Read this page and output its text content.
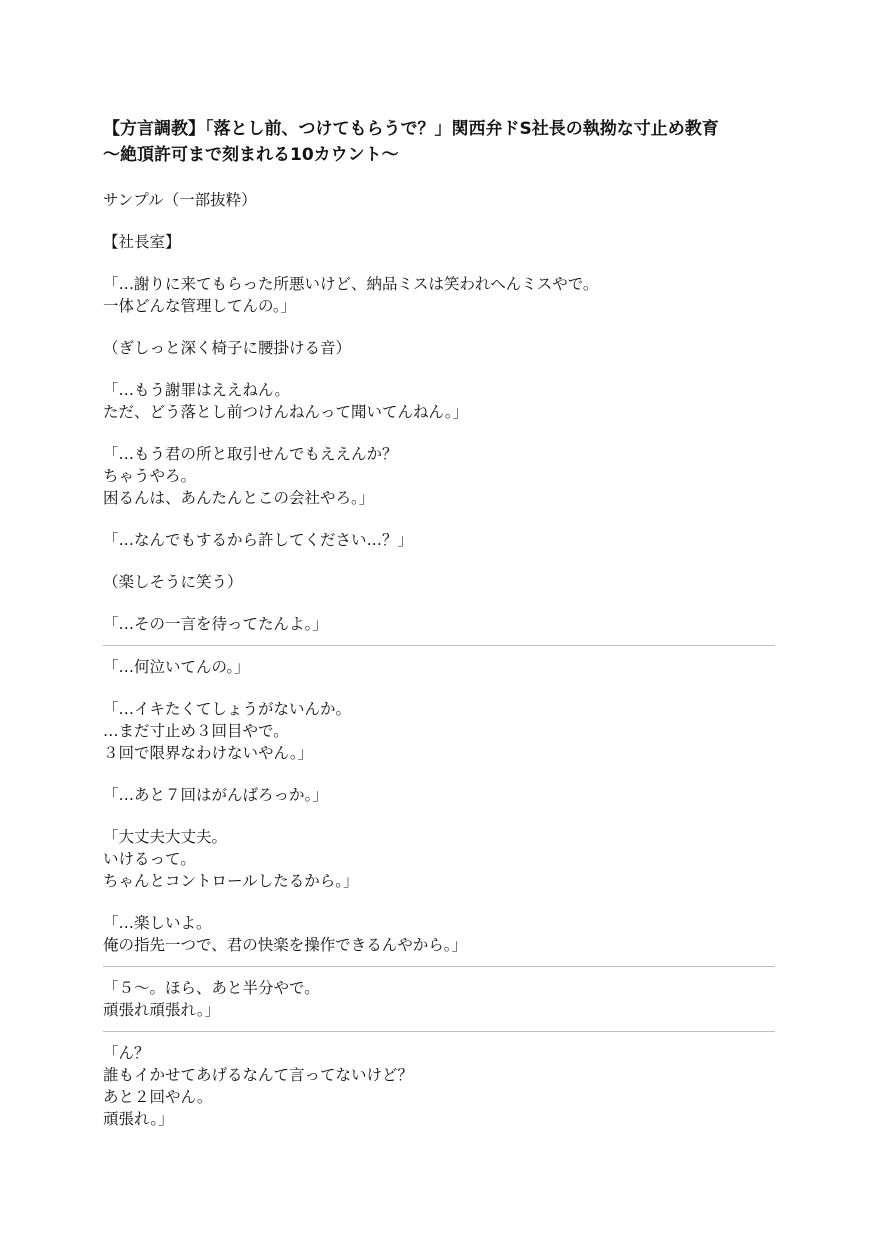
【方言調教】「落とし前、つけてもらうで？」関西弁ドS社長の執拗な寸止め教育
〜絶頂許可まで刻まれる10カウント〜
サンプル（一部抜粋）
【社長室】
「…謝りに来てもらった所悪いけど、納品ミスは笑われへんミスやで。
一体どんな管理してんの。」
（ぎしっと深く椅子に腰掛ける音）
「…もう謝罪はええねん。
ただ、どう落とし前つけんねんって聞いてんねん。」
「…もう君の所と取引せんでもええんか？
ちゃうやろ。
困るんは、あんたんとこの会社やろ。」
「…なんでもするから許してください…？」
（楽しそうに笑う）
「…その一言を待ってたんよ。」
「…何泣いてんの。」
「…イキたくてしょうがないんか。
…まだ寸止め３回目やで。
３回で限界なわけないやん。」
「…あと７回はがんばろっか。」
「大丈夫大丈夫。
いけるって。
ちゃんとコントロールしたるから。」
「…楽しいよ。
俺の指先一つで、君の快楽を操作できるんやから。」
「５〜。ほら、あと半分やで。
頑張れ頑張れ。」
「ん？
誰もイかせてあげるなんて言ってないけど？
あと２回やん。
頑張れ。」
